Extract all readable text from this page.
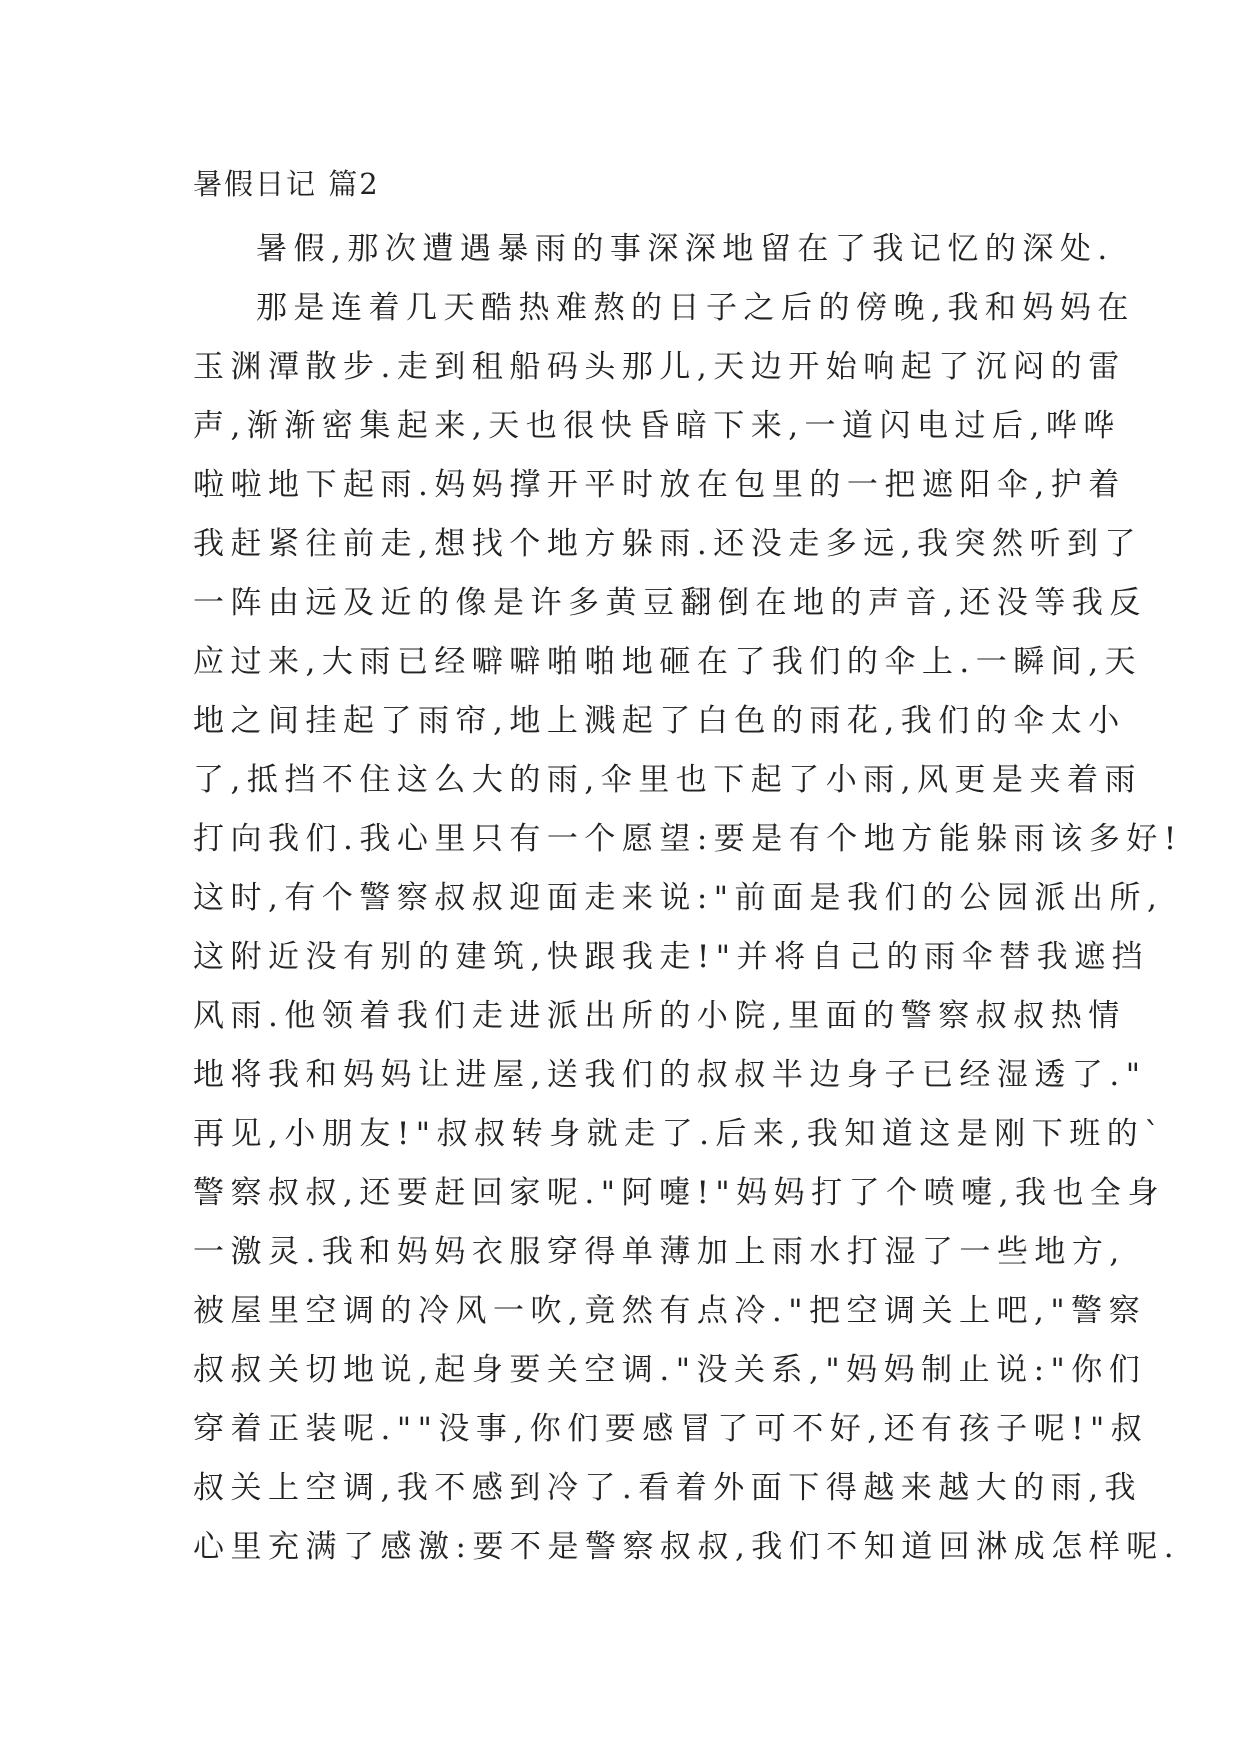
暑假日记 篇2
暑假,那次遭遇暴雨的事深深地留在了我记忆的深处.
那是连着几天酷热难熬的日子之后的傍晚,我和妈妈在
玉渊潭散步.走到租船码头那儿,天边开始响起了沉闷的雷
声,渐渐密集起来,天也很快昏暗下来,一道闪电过后,哗哗
啦啦地下起雨.妈妈撑开平时放在包里的一把遮阳伞,护着
我赶紧往前走,想找个地方躲雨.还没走多远,我突然听到了
一阵由远及近的像是许多黄豆翻倒在地的声音,还没等我反
应过来,大雨已经噼噼啪啪地砸在了我们的伞上.一瞬间,天
地之间挂起了雨帘,地上溅起了白色的雨花,我们的伞太小
了,抵挡不住这么大的雨,伞里也下起了小雨,风更是夹着雨
打向我们.我心里只有一个愿望:要是有个地方能躲雨该多好!
这时,有个警察叔叔迎面走来说:"前面是我们的公园派出所,
这附近没有别的建筑,快跟我走!"并将自己的雨伞替我遮挡
风雨.他领着我们走进派出所的小院,里面的警察叔叔热情
地将我和妈妈让进屋,送我们的叔叔半边身子已经湿透了."
再见,小朋友!"叔叔转身就走了.后来,我知道这是刚下班的`
警察叔叔,还要赶回家呢."阿嚏!"妈妈打了个喷嚏,我也全身
一激灵.我和妈妈衣服穿得单薄加上雨水打湿了一些地方,
被屋里空调的冷风一吹,竟然有点冷."把空调关上吧,"警察
叔叔关切地说,起身要关空调."没关系,"妈妈制止说:"你们
穿着正装呢.""没事,你们要感冒了可不好,还有孩子呢!"叔
叔关上空调,我不感到冷了.看着外面下得越来越大的雨,我
心里充满了感激:要不是警察叔叔,我们不知道回淋成怎样呢.
